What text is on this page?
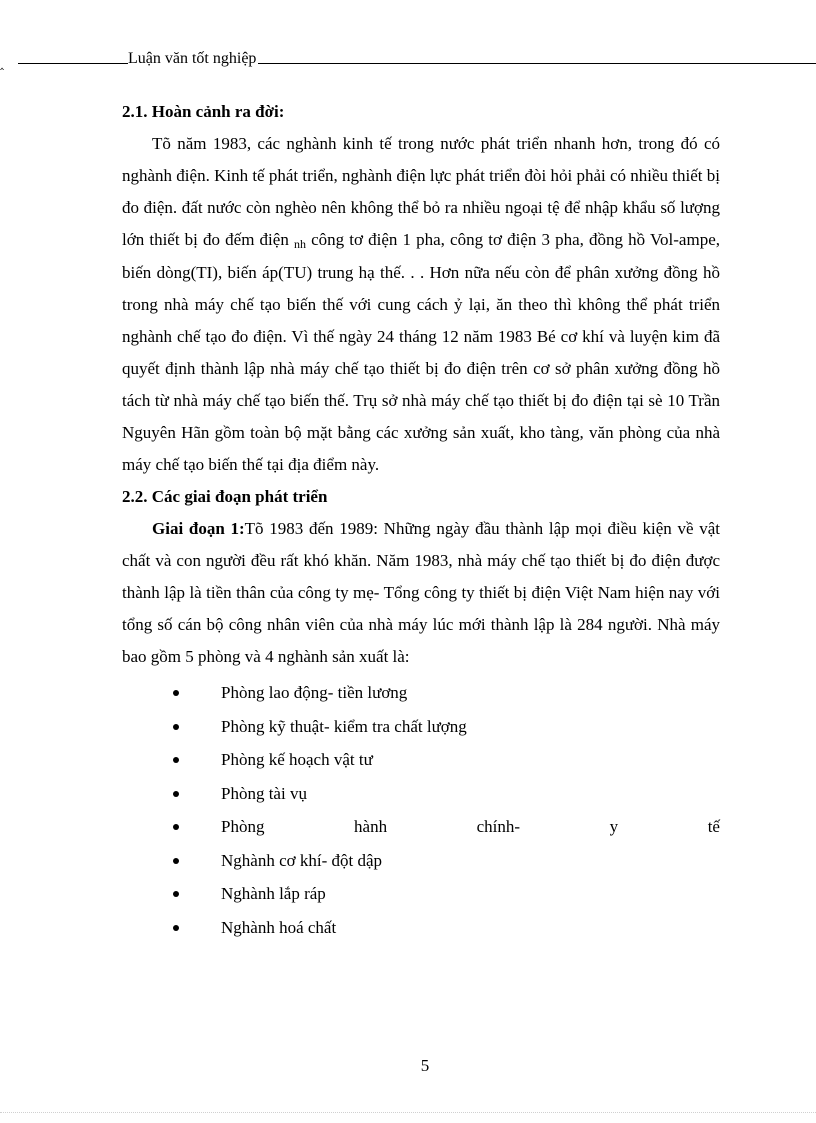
‸	Luận văn tốt nghiệp

2.1. Hoàn cảnh ra đời:

Tõ năm 1983, các nghành kinh tế trong nước phát triển nhanh hơn, trong đó có nghành điện. Kinh tế phát triển, nghành điện lực phát triển đòi hỏi phải có nhiều thiết bị đo điện. đất nước còn nghèo nên không thể bỏ ra nhiều ngoại tệ để nhập khẩu số lượng lớn thiết bị đo đếm điện nh công tơ điện 1 pha, công tơ điện 3 pha, đồng hồ Vol-ampe, biến dòng(TI), biến áp(TU) trung hạ thế. . . Hơn nữa nếu còn để phân xưởng đồng hồ trong nhà máy chế tạo biến thế với cung cách ỷ lại, ăn theo thì không thể phát triển nghành chế tạo đo điện. Vì thế ngày 24 tháng 12 năm 1983 Bé cơ khí và luyện kim đã quyết định thành lập nhà máy chế tạo thiết bị đo điện trên cơ sở phân xưởng đồng hồ tách từ nhà máy chế tạo biến thế. Trụ sở nhà máy chế tạo thiết bị đo điện tại sè 10 Trần Nguyên Hãn gồm toàn bộ mặt bằng các xưởng sản xuất, kho tàng, văn phòng của nhà máy chế tạo biến thế tại địa điểm này.

2.2. Các giai đoạn phát triển

Giai đoạn 1:Tõ 1983 đến 1989: Những ngày đầu thành lập mọi điều kiện về vật chất và con người đều rất khó khăn. Năm 1983, nhà máy chế tạo thiết bị đo điện được thành lập là tiền thân của công ty mẹ- Tổng công ty thiết bị điện Việt Nam hiện nay với tổng số cán bộ công nhân viên của nhà máy lúc mới thành lập là 284 người. Nhà máy bao gồm 5 phòng và 4 nghành sản xuất là:

Phòng lao động- tiền lương
Phòng kỹ thuật- kiểm tra chất lượng
Phòng kế hoạch vật tư
Phòng tài vụ
Phòng	hành	chính-	y	tế
Nghành cơ khí- đột dập
Nghành lắp ráp
Nghành hoá chất
5
